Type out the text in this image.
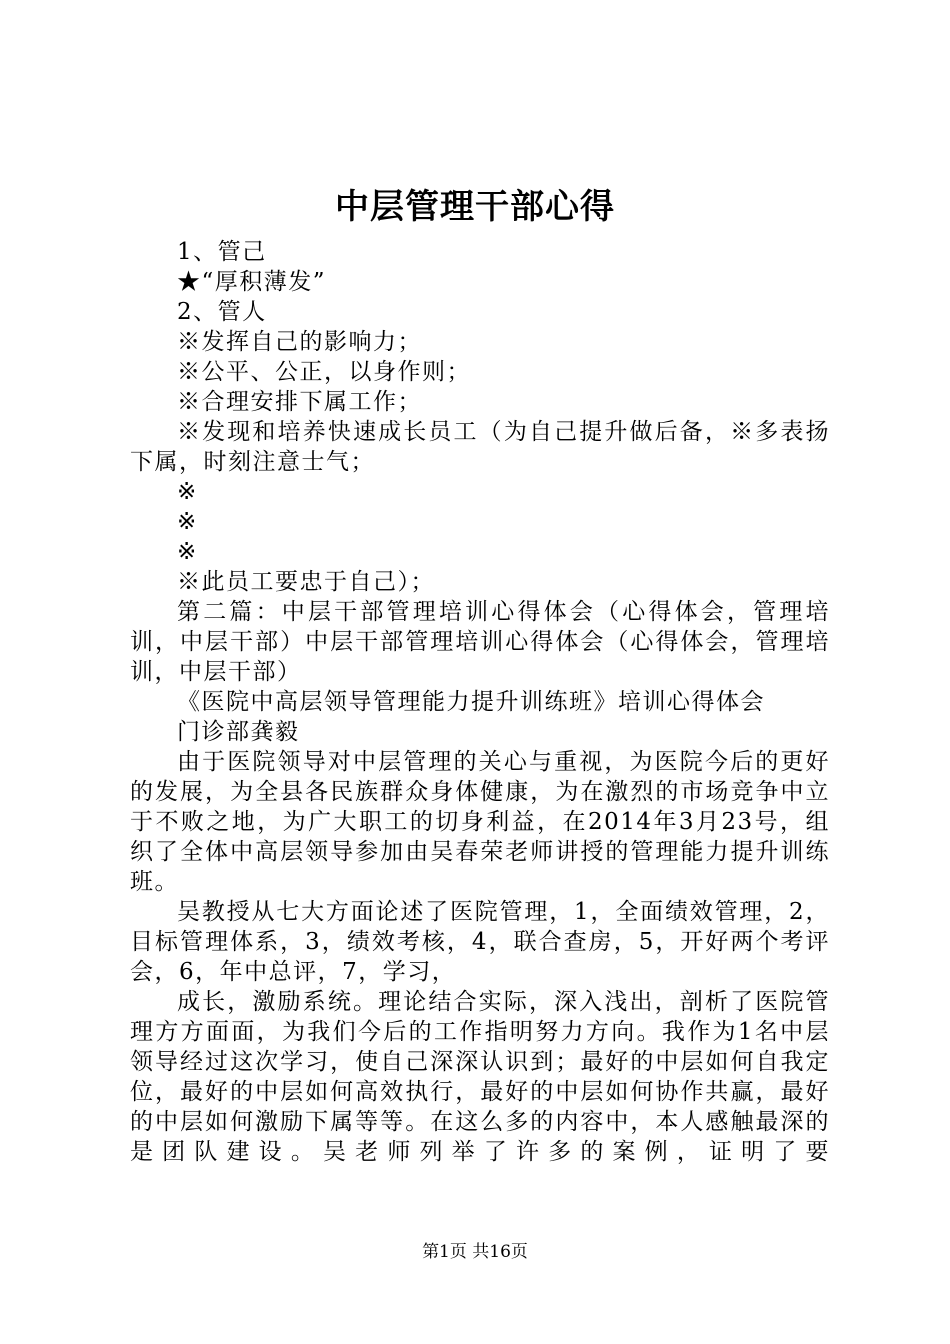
中层管理干部心得

1、管己

★“厚积薄发”

2、管人

※发挥自己的影响力；

※公平、公正，以身作则；

※合理安排下属工作；

※发现和培养快速成长员工（为自己提升做后备，※多表扬下属，时刻注意士气；

※

※

※

※此员工要忠于自己）；

第二篇：中层干部管理培训心得体会（心得体会，管理培训，中层干部）中层干部管理培训心得体会（心得体会，管理培训，中层干部）

《医院中高层领导管理能力提升训练班》培训心得体会

门诊部龚毅

由于医院领导对中层管理的关心与重视，为医院今后的更好的发展，为全县各民族群众身体健康，为在激烈的市场竞争中立于不败之地，为广大职工的切身利益，在2014年3月23号，组织了全体中高层领导参加由吴春荣老师讲授的管理能力提升训练班。

吴教授从七大方面论述了医院管理，1，全面绩效管理，2，目标管理体系，3，绩效考核，4，联合查房，5，开好两个考评会，6，年中总评，7，学习，

成长，激励系统。理论结合实际，深入浅出，剖析了医院管理方方面面，为我们今后的工作指明努力方向。我作为1名中层领导经过这次学习，使自己深深认识到；最好的中层如何自我定位，最好的中层如何高效执行，最好的中层如何协作共赢，最好的中层如何激励下属等等。在这么多的内容中，本人感触最深的是团队建设。吴老师列举了许多的案例，证明了要

第1页 共16页
